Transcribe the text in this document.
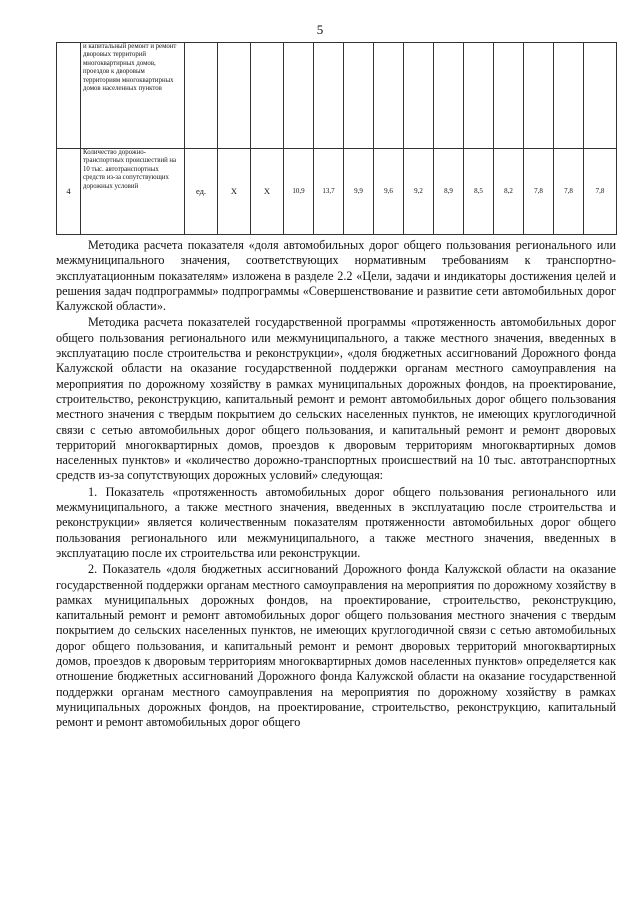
5
	и капитальный ремонт и ремонт дворовых территорий многоквартирных домов, проездов к дворовым территориям многоквартирных домов населенных пунктов														
4	Количество дорожно-транспортных происшествий на 10 тыс. автотранспортных средств из-за сопутствующих дорожных условий	ед.	X	X	10,9	13,7	9,9	9,6	9,2	8,9	8,5	8,2	7,8	7,8	7,8

Методика расчета показателя «доля автомобильных дорог общего пользования регионального или межмуниципального значения, соответствующих нормативным требованиям к транспортно-эксплуатационным показателям» изложена в разделе 2.2 «Цели, задачи и индикаторы достижения целей и решения задач подпрограммы» подпрограммы «Совершенствование и развитие сети автомобильных дорог Калужской области».

Методика расчета показателей государственной программы «протяженность автомобильных дорог общего пользования регионального или межмуниципального, а также местного значения, введенных в эксплуатацию после строительства и реконструкции», «доля бюджетных ассигнований Дорожного фонда Калужской области на оказание государственной поддержки органам местного самоуправления на мероприятия по дорожному хозяйству в рамках муниципальных дорожных фондов, на проектирование, строительство, реконструкцию, капитальный ремонт и ремонт автомобильных дорог общего пользования местного значения с твердым покрытием до сельских населенных пунктов, не имеющих круглогодичной связи с сетью автомобильных дорог общего пользования, и капитальный ремонт и ремонт дворовых территорий многоквартирных домов, проездов к дворовым территориям многоквартирных домов населенных пунктов» и «количество дорожно-транспортных происшествий на 10 тыс. автотранспортных средств из-за сопутствующих дорожных условий» следующая:

1. Показатель «протяженность автомобильных дорог общего пользования регионального или межмуниципального, а также местного значения, введенных в эксплуатацию после строительства и реконструкции» является количественным показателям протяженности автомобильных дорог общего пользования регионального или межмуниципального, а также местного значения, введенных в эксплуатацию после их строительства или реконструкции.

2. Показатель «доля бюджетных ассигнований Дорожного фонда Калужской области на оказание государственной поддержки органам местного самоуправления на мероприятия по дорожному хозяйству в рамках муниципальных дорожных фондов, на проектирование, строительство, реконструкцию, капитальный ремонт и ремонт автомобильных дорог общего пользования местного значения с твердым покрытием до сельских населенных пунктов, не имеющих круглогодичной связи с сетью автомобильных дорог общего пользования, и капитальный ремонт и ремонт дворовых территорий многоквартирных домов, проездов к дворовым территориям многоквартирных домов населенных пунктов» определяется как отношение бюджетных ассигнований Дорожного фонда Калужской области на оказание государственной поддержки органам местного самоуправления на мероприятия по дорожному хозяйству в рамках муниципальных дорожных фондов, на проектирование, строительство, реконструкцию, капитальный ремонт и ремонт автомобильных дорог общего
